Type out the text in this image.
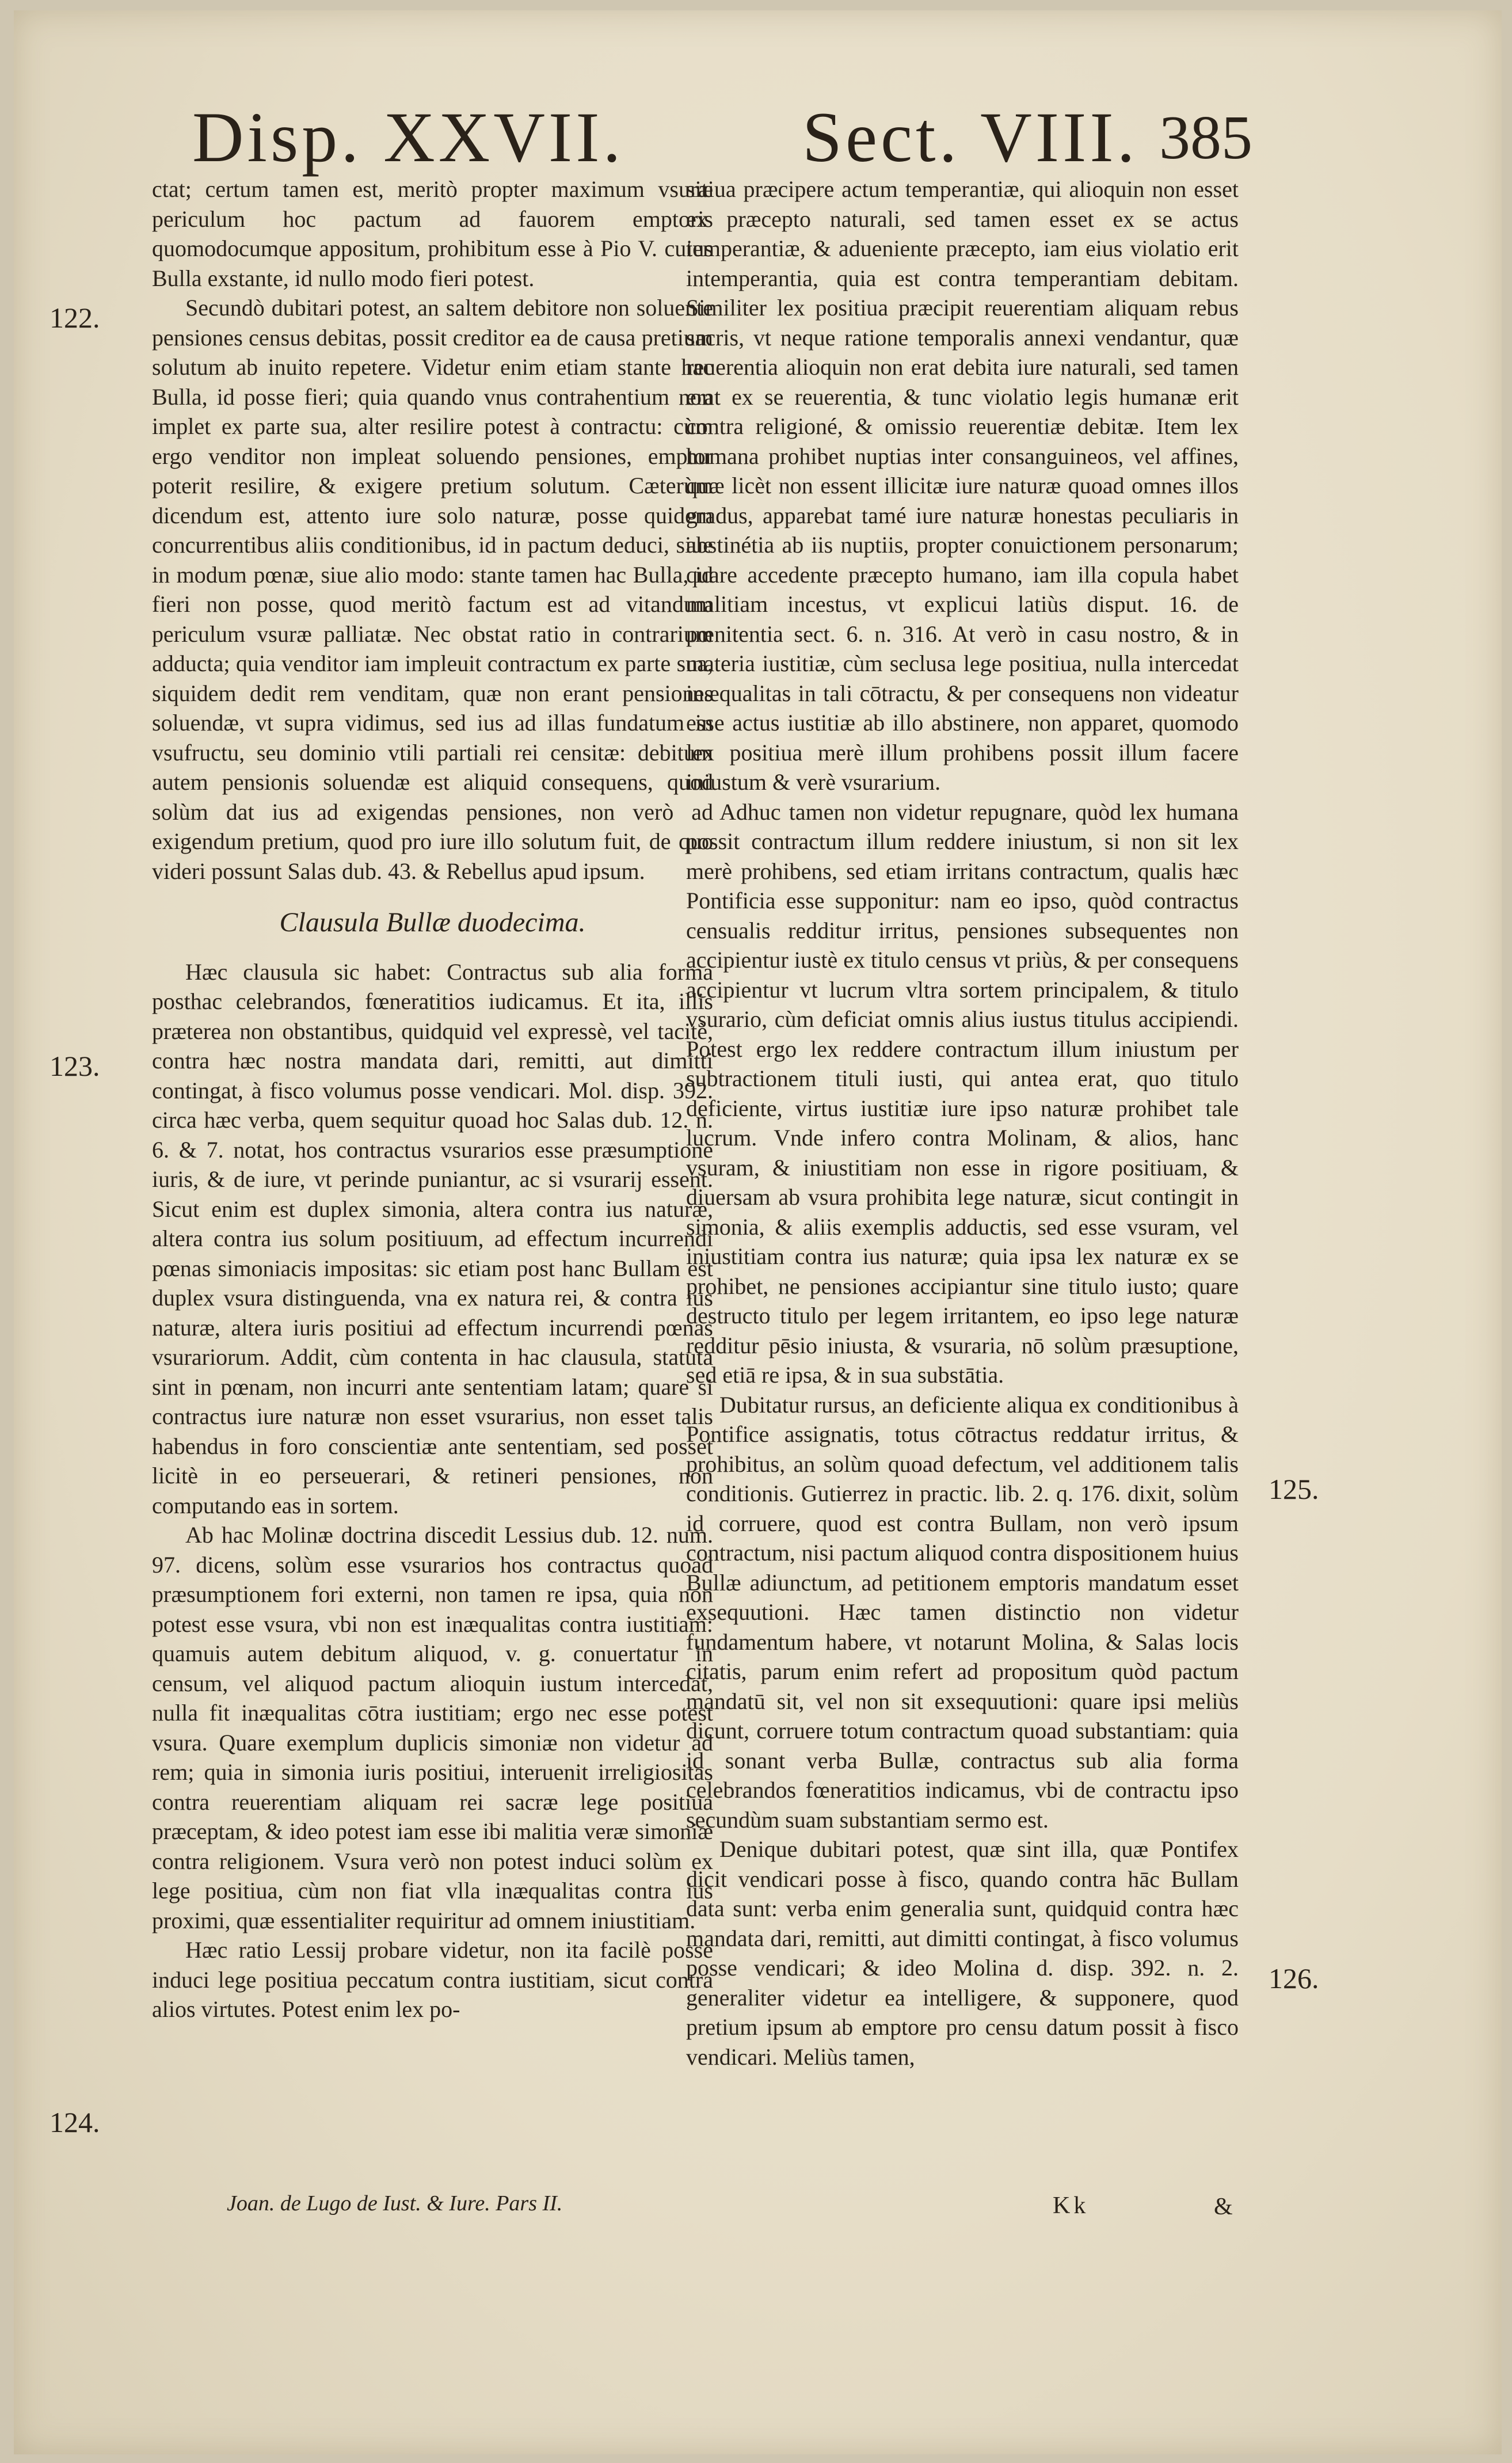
Disp. XXVII. Sect. VIII. 385
122.
123.
124.
125.
126.

ctat; certum tamen est, meritò propter maximum vsuræ periculum hoc pactum ad fauorem emptoris quomodocumque appositum, prohibitum esse à Pio V. cuius Bulla exstante, id nullo modo fieri potest.

Secundò dubitari potest, an saltem debitore non soluente pensiones census debitas, possit creditor ea de causa pretium solutum ab inuito repetere. Videtur enim etiam stante hac Bulla, id posse fieri; quia quando vnus contrahentium non implet ex parte sua, alter resilire potest à contractu: cùm ergo venditor non impleat soluendo pensiones, emptor poterit resilire, & exigere pretium solutum. Cæterùm dicendum est, attento iure solo naturæ, posse quidem concurrentibus aliis conditionibus, id in pactum deduci, siue in modum pœnæ, siue alio modo: stante tamen hac Bulla, id fieri non posse, quod meritò factum est ad vitandum periculum vsuræ palliatæ. Nec obstat ratio in contrarium adducta; quia venditor iam impleuit contractum ex parte sua, siquidem dedit rem venditam, quæ non erant pensiones soluendæ, vt supra vidimus, sed ius ad illas fundatum in vsufructu, seu dominio vtili partiali rei censitæ: debitum autem pensionis soluendæ est aliquid consequens, quod solùm dat ius ad exigendas pensiones, non verò ad exigendum pretium, quod pro iure illo solutum fuit, de quo videri possunt Salas dub. 43. & Rebellus apud ipsum.

Clausula Bullæ duodecima.

Hæc clausula sic habet: Contractus sub alia forma posthac celebrandos, fœneratitios iudicamus. Et ita, illis præterea non obstantibus, quidquid vel expressè, vel tacitè, contra hæc nostra mandata dari, remitti, aut dimitti contingat, à fisco volumus posse vendicari. Mol. disp. 392. circa hæc verba, quem sequitur quoad hoc Salas dub. 12. n. 6. & 7. notat, hos contractus vsurarios esse præsumptione iuris, & de iure, vt perinde puniantur, ac si vsurarij essent. Sicut enim est duplex simonia, altera contra ius naturæ, altera contra ius solum positiuum, ad effectum incurrendi pœnas simoniacis impositas: sic etiam post hanc Bullam est duplex vsura distinguenda, vna ex natura rei, & contra ius naturæ, altera iuris positiui ad effectum incurrendi pœnas vsurariorum. Addit, cùm contenta in hac clausula, statuta sint in pœnam, non incurri ante sententiam latam; quare si contractus iure naturæ non esset vsurarius, non esset talis habendus in foro conscientiæ ante sententiam, sed posset licitè in eo perseuerari, & retineri pensiones, non computando eas in sortem.

Ab hac Molinæ doctrina discedit Lessius dub. 12. num. 97. dicens, solùm esse vsurarios hos contractus quoad præsumptionem fori externi, non tamen re ipsa, quia non potest esse vsura, vbi non est inæqualitas contra iustitiam: quamuis autem debitum aliquod, v. g. conuertatur in censum, vel aliquod pactum alioquin iustum intercedat, nulla fit inæqualitas cōtra iustitiam; ergo nec esse potest vsura. Quare exemplum duplicis simoniæ non videtur ad rem; quia in simonia iuris positiui, interuenit irreligiositas contra reuerentiam aliquam rei sacræ lege positiua præceptam, & ideo potest iam esse ibi malitia veræ simoniæ contra religionem. Vsura verò non potest induci solùm ex lege positiua, cùm non fiat vlla inæqualitas contra ius proximi, quæ essentialiter requiritur ad omnem iniustitiam.

Hæc ratio Lessij probare videtur, non ita facilè posse induci lege positiua peccatum contra iustitiam, sicut contra alios virtutes. Potest enim lex po-

sitiua præcipere actum temperantiæ, qui alioquin non esset ex præcepto naturali, sed tamen esset ex se actus temperantiæ, & adueniente præcepto, iam eius violatio erit intemperantia, quia est contra temperantiam debitam. Similiter lex positiua præcipit reuerentiam aliquam rebus sacris, vt neque ratione temporalis annexi vendantur, quæ reuerentia alioquin non erat debita iure naturali, sed tamen erat ex se reuerentia, & tunc violatio legis humanæ erit contra religioné, & omissio reuerentiæ debitæ. Item lex humana prohibet nuptias inter consanguineos, vel affines, quæ licèt non essent illicitæ iure naturæ quoad omnes illos gradus, apparebat tamé iure naturæ honestas peculiaris in abstinétia ab iis nuptiis, propter conuictionem personarum; quare accedente præcepto humano, iam illa copula habet malitiam incestus, vt explicui latiùs disput. 16. de pœnitentia sect. 6. n. 316. At verò in casu nostro, & in materia iustitiæ, cùm seclusa lege positiua, nulla intercedat inæqualitas in tali cōtractu, & per consequens non videatur esse actus iustitiæ ab illo abstinere, non apparet, quomodo lex positiua merè illum prohibens possit illum facere iniustum & verè vsurarium.

Adhuc tamen non videtur repugnare, quòd lex humana possit contractum illum reddere iniustum, si non sit lex merè prohibens, sed etiam irritans contractum, qualis hæc Pontificia esse supponitur: nam eo ipso, quòd contractus censualis redditur irritus, pensiones subsequentes non accipientur iustè ex titulo census vt priùs, & per consequens accipientur vt lucrum vltra sortem principalem, & titulo vsurario, cùm deficiat omnis alius iustus titulus accipiendi. Potest ergo lex reddere contractum illum iniustum per subtractionem tituli iusti, qui antea erat, quo titulo deficiente, virtus iustitiæ iure ipso naturæ prohibet tale lucrum. Vnde infero contra Molinam, & alios, hanc vsuram, & iniustitiam non esse in rigore positiuam, & diuersam ab vsura prohibita lege naturæ, sicut contingit in simonia, & aliis exemplis adductis, sed esse vsuram, vel iniustitiam contra ius naturæ; quia ipsa lex naturæ ex se prohibet, ne pensiones accipiantur sine titulo iusto; quare destructo titulo per legem irritantem, eo ipso lege naturæ redditur pēsio iniusta, & vsuraria, nō solùm præsuptione, sed etiā re ipsa, & in sua substātia.

Dubitatur rursus, an deficiente aliqua ex conditionibus à Pontifice assignatis, totus cōtractus reddatur irritus, & prohibitus, an solùm quoad defectum, vel additionem talis conditionis. Gutierrez in practic. lib. 2. q. 176. dixit, solùm id corruere, quod est contra Bullam, non verò ipsum contractum, nisi pactum aliquod contra dispositionem huius Bullæ adiunctum, ad petitionem emptoris mandatum esset exsequutioni. Hæc tamen distinctio non videtur fundamentum habere, vt notarunt Molina, & Salas locis citatis, parum enim refert ad propositum quòd pactum mandatū sit, vel non sit exsequutioni: quare ipsi meliùs dicunt, corruere totum contractum quoad substantiam: quia id sonant verba Bullæ, contractus sub alia forma celebrandos fœneratitios indicamus, vbi de contractu ipso secundùm suam substantiam sermo est.

Denique dubitari potest, quæ sint illa, quæ Pontifex dicit vendicari posse à fisco, quando contra hāc Bullam data sunt: verba enim generalia sunt, quidquid contra hæc mandata dari, remitti, aut dimitti contingat, à fisco volumus posse vendicari; & ideo Molina d. disp. 392. n. 2. generaliter videtur ea intelligere, & supponere, quod pretium ipsum ab emptore pro censu datum possit à fisco vendicari. Meliùs tamen,

Joan. de Lugo de Iust. & Iure. Pars II.	Kk	&
